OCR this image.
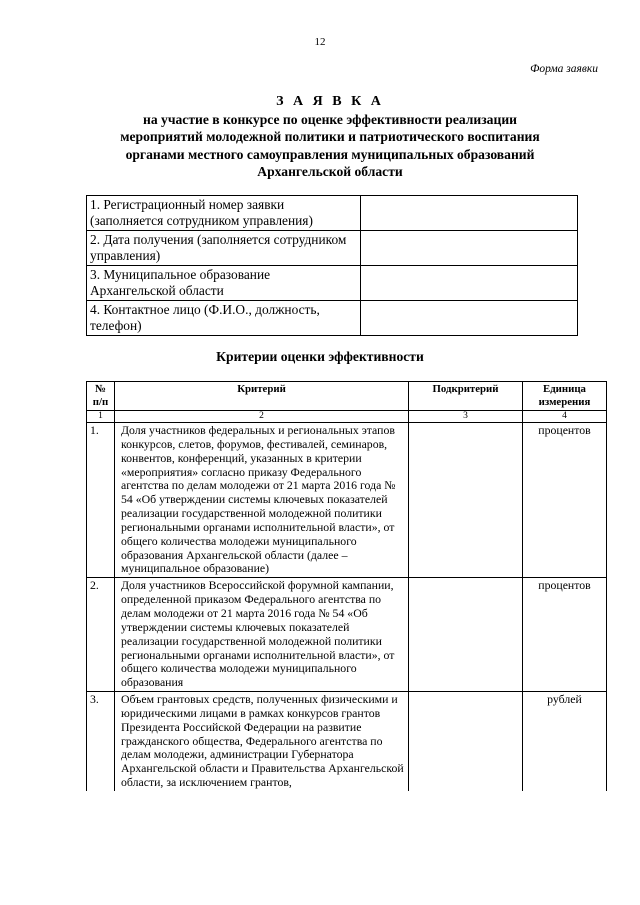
12
Форма заявки
З А Я В К А
на участие в конкурсе по оценке эффективности реализации
мероприятий молодежной политики и патриотического воспитания
органами местного самоуправления муниципальных образований
Архангельской области
1. Регистрационный номер заявки (заполняется сотрудником управления)	
2. Дата получения (заполняется сотрудником управления)	
3. Муниципальное образование Архангельской области	
4. Контактное лицо (Ф.И.О., должность, телефон)	
Критерии оценки эффективности
№ п/п	Критерий	Подкритерий	Единица измерения
1	2	3	4
1.	Доля участников федеральных и региональных этапов конкурсов, слетов, форумов, фестивалей, семинаров, конвентов, конференций, указанных в критерии «мероприятия» согласно приказу Федерального агентства по делам молодежи от 21 марта 2016 года № 54 «Об утверждении системы ключевых показателей реализации государственной молодежной политики региональными органами исполнительной власти», от общего количества молодежи муниципального образования Архангельской области (далее – муниципальное образование)		процентов
2.	Доля участников Всероссийской форумной кампании, определенной приказом Федерального агентства по делам молодежи от 21 марта 2016 года № 54 «Об утверждении системы ключевых показателей реализации государственной молодежной политики региональными органами исполнительной власти», от общего количества молодежи муниципального образования		процентов
3.	Объем грантовых средств, полученных физическими и юридическими лицами в рамках конкурсов грантов Президента Российской Федерации на развитие гражданского общества, Федерального агентства по делам молодежи, администрации Губернатора Архангельской области и Правительства Архангельской области, за исключением грантов,		рублей
